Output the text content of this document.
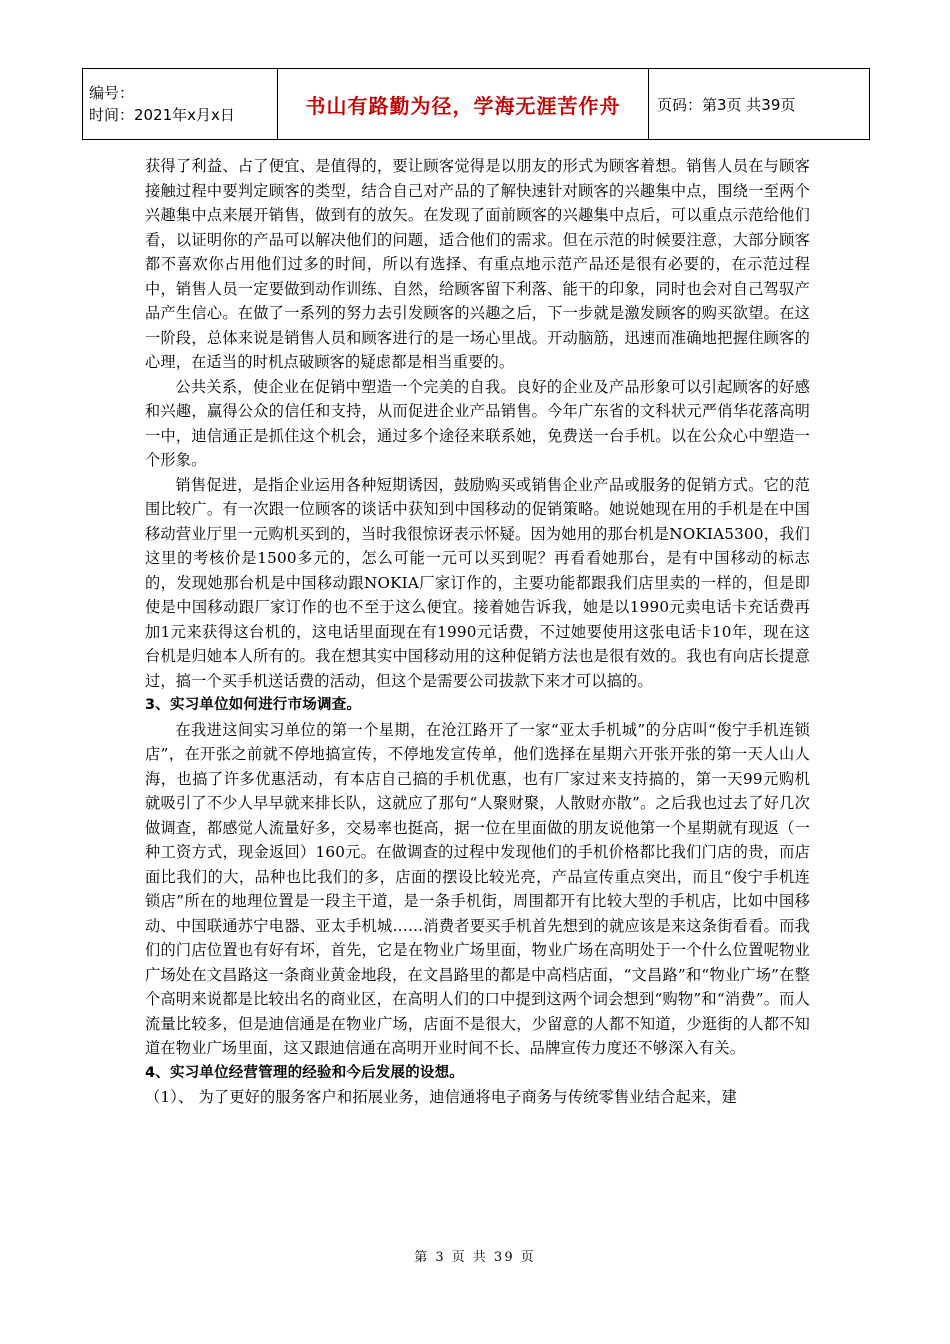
编号：
时间：2021年x月x日	书山有路勤为径，学海无涯苦作舟	页码：第3页 共39页

获得了利益、占了便宜、是值得的，要让顾客觉得是以朋友的形式为顾客着想。销售人员在与顾客接触过程中要判定顾客的类型，结合自己对产品的了解快速针对顾客的兴趣集中点，围绕一至两个兴趣集中点来展开销售，做到有的放矢。在发现了面前顾客的兴趣集中点后，可以重点示范给他们看，以证明你的产品可以解决他们的问题，适合他们的需求。但在示范的时候要注意，大部分顾客都不喜欢你占用他们过多的时间，所以有选择、有重点地示范产品还是很有必要的，在示范过程中，销售人员一定要做到动作训练、自然，给顾客留下利落、能干的印象，同时也会对自己驾驭产品产生信心。在做了一系列的努力去引发顾客的兴趣之后，下一步就是激发顾客的购买欲望。在这一阶段，总体来说是销售人员和顾客进行的是一场心里战。开动脑筋，迅速而准确地把握住顾客的心理，在适当的时机点破顾客的疑虑都是相当重要的。

公共关系，使企业在促销中塑造一个完美的自我。良好的企业及产品形象可以引起顾客的好感和兴趣，赢得公众的信任和支持，从而促进企业产品销售。今年广东省的文科状元严俏华花落高明一中，迪信通正是抓住这个机会，通过多个途径来联系她，免费送一台手机。以在公众心中塑造一个形象。

销售促进，是指企业运用各种短期诱因，鼓励购买或销售企业产品或服务的促销方式。它的范围比较广。有一次跟一位顾客的谈话中获知到中国移动的促销策略。她说她现在用的手机是在中国移动营业厅里一元购机买到的，当时我很惊讶表示怀疑。因为她用的那台机是NOKIA5300，我们这里的考核价是1500多元的，怎么可能一元可以买到呢？再看看她那台，是有中国移动的标志的，发现她那台机是中国移动跟NOKIA厂家订作的，主要功能都跟我们店里卖的一样的，但是即使是中国移动跟厂家订作的也不至于这么便宜。接着她告诉我，她是以1990元卖电话卡充话费再加1元来获得这台机的，这电话里面现在有1990元话费，不过她要使用这张电话卡10年，现在这台机是归她本人所有的。我在想其实中国移动用的这种促销方法也是很有效的。我也有向店长提意过，搞一个买手机送话费的活动，但这个是需要公司拔款下来才可以搞的。

3、实习单位如何进行市场调查。

在我进这间实习单位的第一个星期，在沧江路开了一家“亚太手机城”的分店叫“俊宁手机连锁店”，在开张之前就不停地搞宣传，不停地发宣传单，他们选择在星期六开张开张的第一天人山人海，也搞了许多优惠活动，有本店自己搞的手机优惠，也有厂家过来支持搞的，第一天99元购机就吸引了不少人早早就来排长队，这就应了那句“人聚财聚，人散财亦散”。之后我也过去了好几次做调查，都感觉人流量好多，交易率也挺高，据一位在里面做的朋友说他第一个星期就有现返（一种工资方式，现金返回）160元。在做调查的过程中发现他们的手机价格都比我们门店的贵，而店面比我们的大，品种也比我们的多，店面的摆设比较光亮，产品宣传重点突出，而且“俊宁手机连锁店”所在的地理位置是一段主干道，是一条手机街，周围都开有比较大型的手机店，比如中国移动、中国联通苏宁电器、亚太手机城……消费者要买手机首先想到的就应该是来这条街看看。而我们的门店位置也有好有坏，首先，它是在物业广场里面，物业广场在高明处于一个什么位置呢物业广场处在文昌路这一条商业黄金地段，在文昌路里的都是中高档店面，“文昌路”和“物业广场”在整个高明来说都是比较出名的商业区，在高明人们的口中提到这两个词会想到“购物”和“消费”。而人流量比较多，但是迪信通是在物业广场，店面不是很大，少留意的人都不知道，少逛街的人都不知道在物业广场里面，这又跟迪信通在高明开业时间不长、品牌宣传力度还不够深入有关。

4、实习单位经营管理的经验和今后发展的设想。

（1）、 为了更好的服务客户和拓展业务，迪信通将电子商务与传统零售业结合起来，建

第 3 页 共 39 页
